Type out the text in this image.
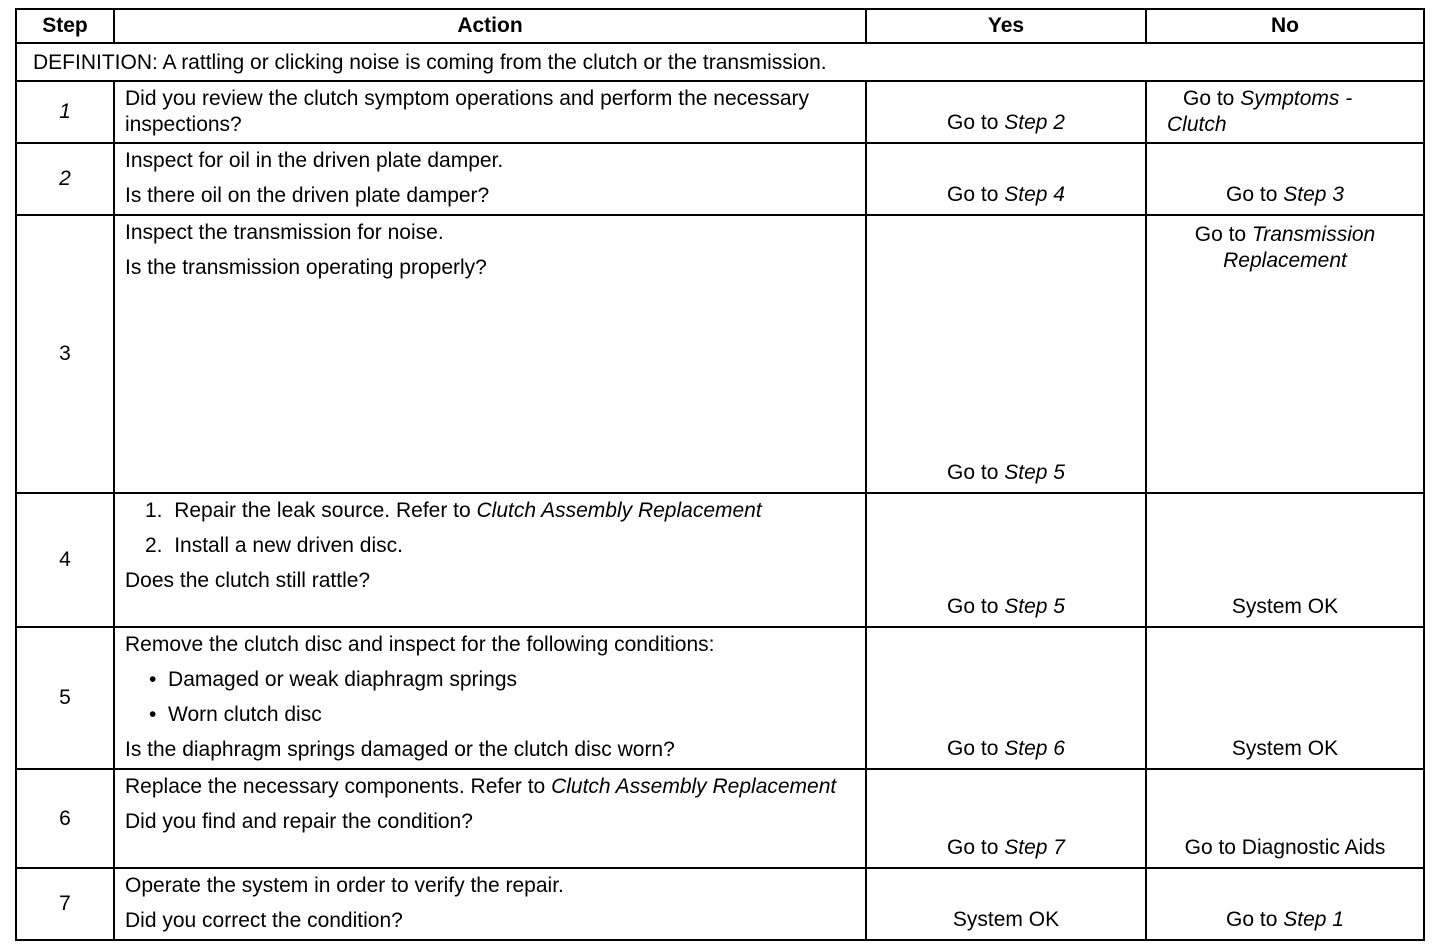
Step	Action	Yes	No
DEFINITION: A rattling or clicking noise is coming from the clutch or the transmission.			
1	Did you review the clutch symptom operations and perform the necessary inspections?	Go to Step 2	Go to Symptoms - Clutch
2	Inspect for oil in the driven plate damper.
Is there oil on the driven plate damper?	Go to Step 4	Go to Step 3
3	Inspect the transmission for noise.
Is the transmission operating properly?	Go to Step 5	Go to Transmission Replacement
4	1. Repair the leak source. Refer to Clutch Assembly Replacement
2. Install a new driven disc.
Does the clutch still rattle?	Go to Step 5	System OK
5	Remove the clutch disc and inspect for the following conditions:
•  Damaged or weak diaphragm springs
•  Worn clutch disc
Is the diaphragm springs damaged or the clutch disc worn?	Go to Step 6	System OK
6	Replace the necessary components. Refer to Clutch Assembly Replacement
Did you find and repair the condition?	Go to Step 7	Go to Diagnostic Aids
7	Operate the system in order to verify the repair.
Did you correct the condition?	System OK	Go to Step 1
